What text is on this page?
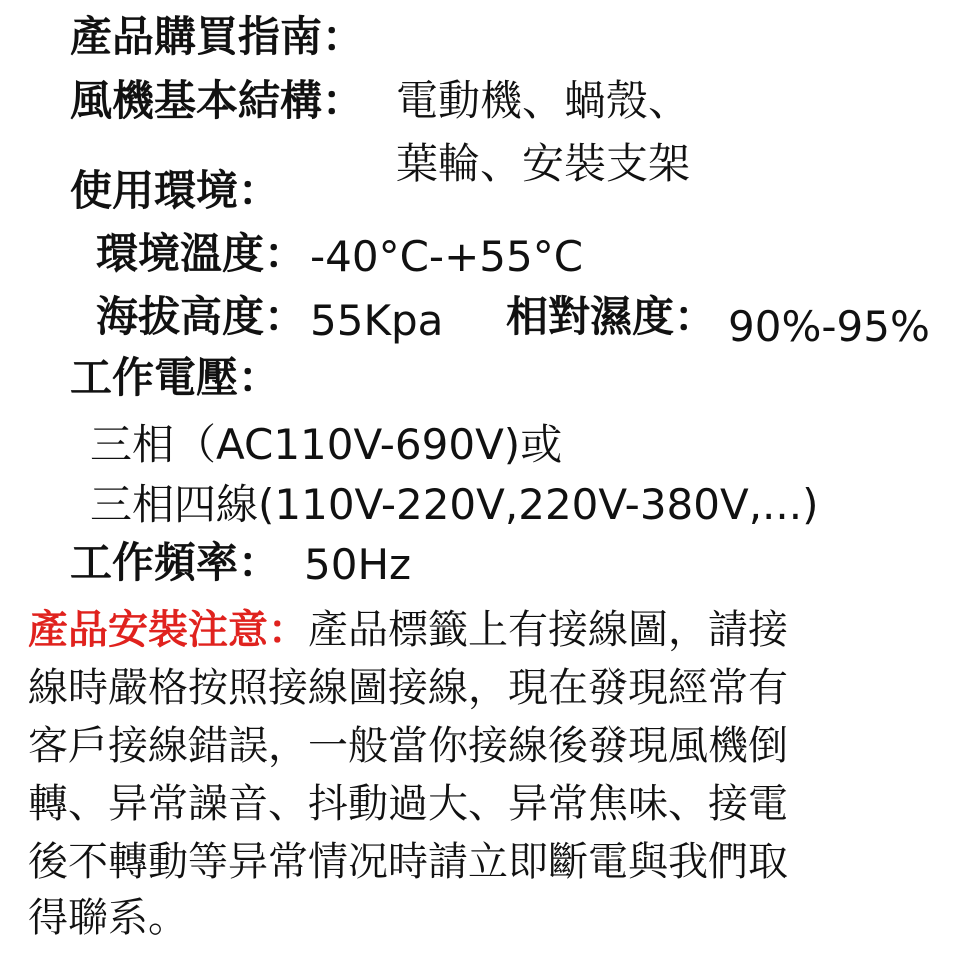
產品購買指南：
風機基本結構： 電動機、蝸殼、
葉輪、安裝支架
使用環境：
環境溫度： -40°C-+55°C
海拔高度： 55Kpa 相對濕度： 90%-95%
工作電壓：
三相（AC110V-690V)或
三相四線(110V-220V,220V-380V,...)
工作頻率： 50Hz
產品安裝注意：產品標籤上有接線圖，請接
線時嚴格按照接線圖接線，現在發現經常有
客戶接線錯誤，一般當你接線後發現風機倒
轉、异常譟音、抖動過大、异常焦味、接電
後不轉動等异常情况時請立即斷電與我們取
得聯系。
